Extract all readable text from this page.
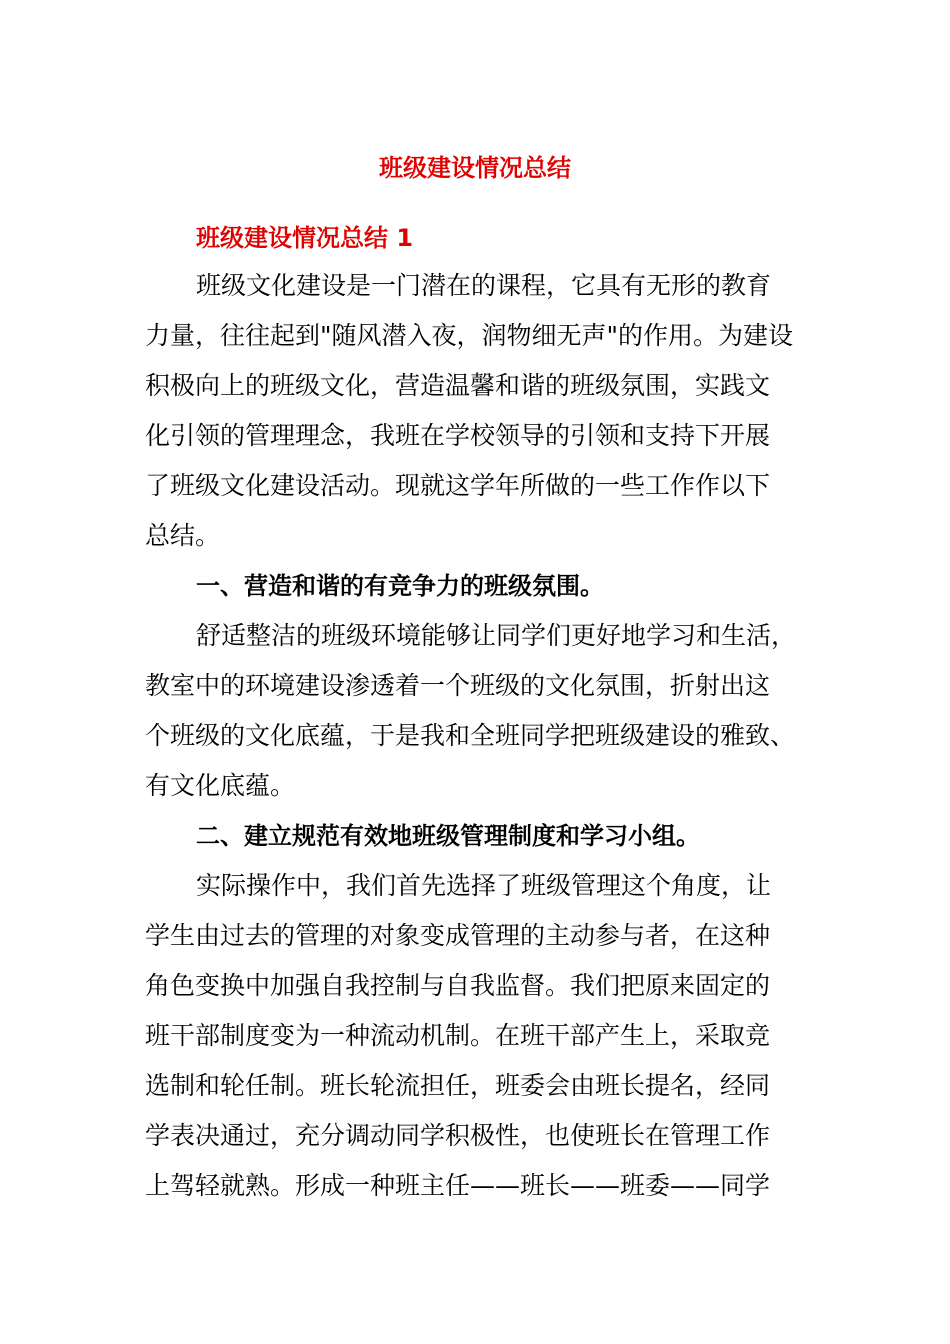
班级建设情况总结
班级建设情况总结 1

班级文化建设是一门潜在的课程，它具有无形的教育

力量，往往起到"随风潜入夜，润物细无声"的作用。为建设

积极向上的班级文化，营造温馨和谐的班级氛围，实践文

化引领的管理理念，我班在学校领导的引领和支持下开展

了班级文化建设活动。现就这学年所做的一些工作作以下

总结。

一、营造和谐的有竞争力的班级氛围。

舒适整洁的班级环境能够让同学们更好地学习和生活，

教室中的环境建设渗透着一个班级的文化氛围，折射出这

个班级的文化底蕴，于是我和全班同学把班级建设的雅致、

有文化底蕴。

二、建立规范有效地班级管理制度和学习小组。

实际操作中，我们首先选择了班级管理这个角度，让

学生由过去的管理的对象变成管理的主动参与者，在这种

角色变换中加强自我控制与自我监督。我们把原来固定的

班干部制度变为一种流动机制。在班干部产生上，采取竞

选制和轮任制。班长轮流担任，班委会由班长提名，经同

学表决通过，充分调动同学积极性，也使班长在管理工作

上驾轻就熟。形成一种班主任——班长——班委——同学
